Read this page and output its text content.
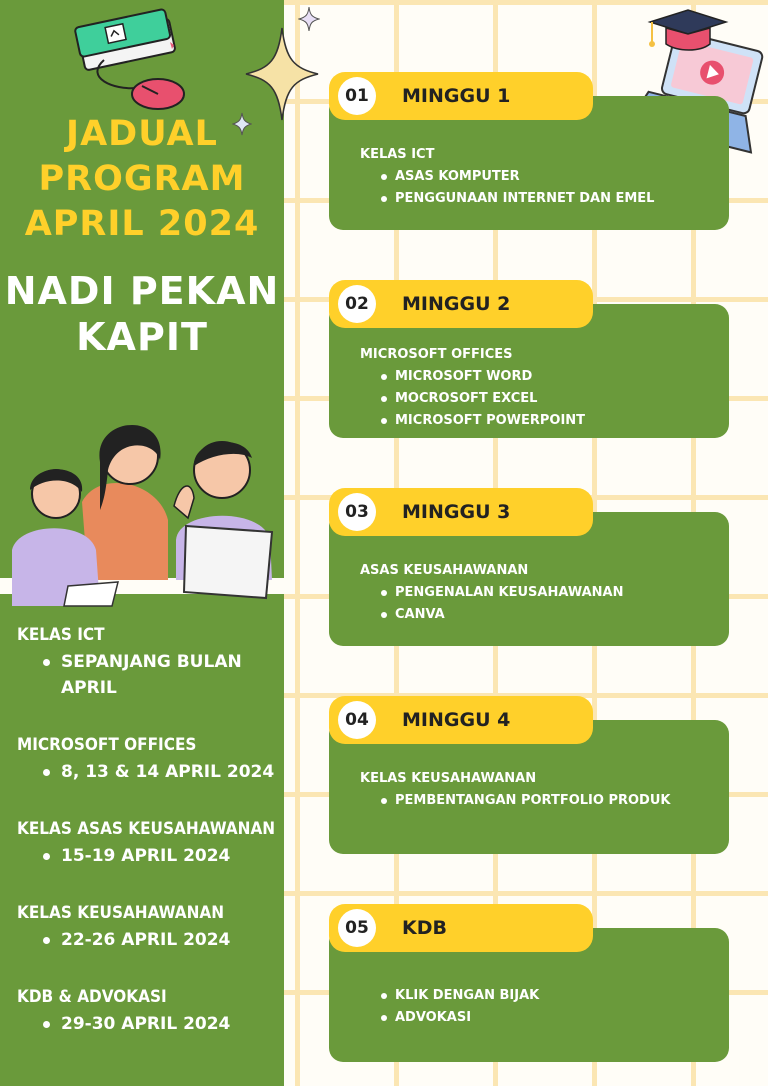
JADUAL
PROGRAM
APRIL 2024
NADI PEKAN
KAPIT
KELAS ICT
SEPANJANG BULAN
APRIL
MICROSOFT OFFICES
8, 13 & 14 APRIL 2024
KELAS ASAS KEUSAHAWANAN
15-19 APRIL 2024
KELAS KEUSAHAWANAN
22-26 APRIL 2024
KDB & ADVOKASI
29-30 APRIL 2024
KELAS ICT
ASAS KOMPUTER
PENGGUNAAN INTERNET DAN EMEL
01	MINGGU 1
MICROSOFT OFFICES
MICROSOFT WORD
MOCROSOFT EXCEL
MICROSOFT POWERPOINT
02	MINGGU 2
ASAS KEUSAHAWANAN
PENGENALAN KEUSAHAWANAN
CANVA
03	MINGGU 3
KELAS KEUSAHAWANAN
PEMBENTANGAN PORTFOLIO PRODUK
04	MINGGU 4
KLIK DENGAN BIJAK
ADVOKASI
05	KDB
